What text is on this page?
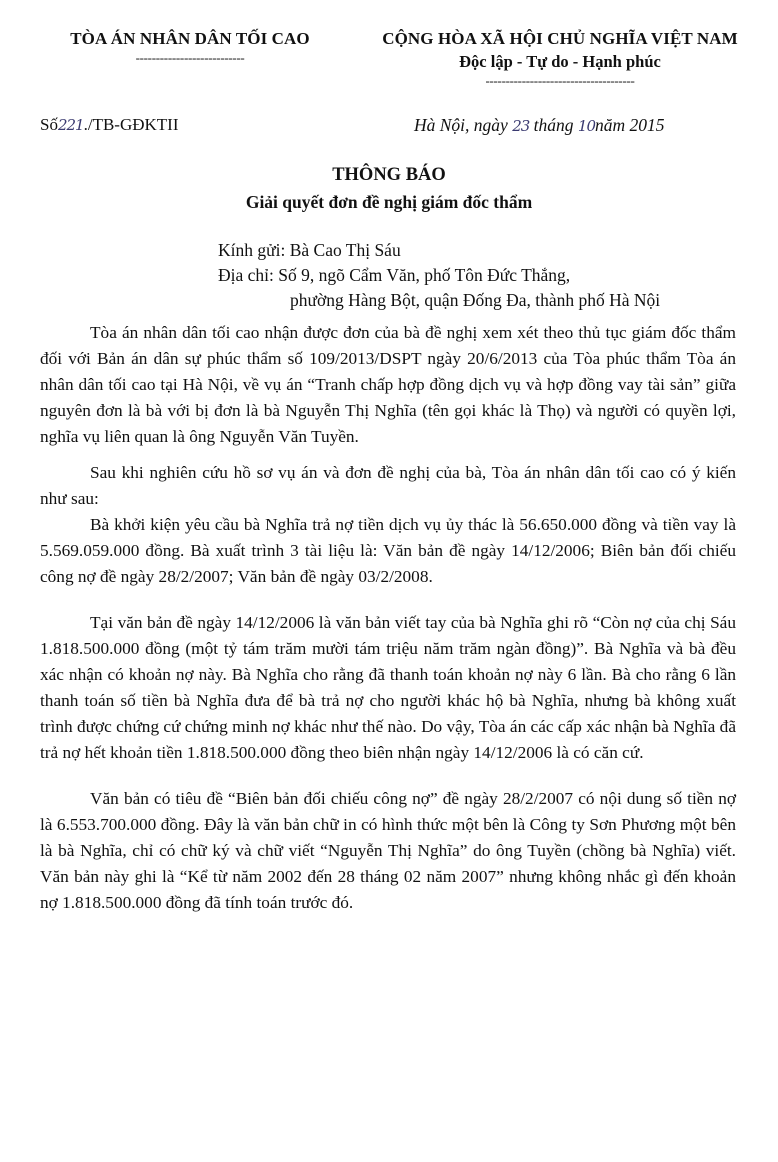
TÒA ÁN NHÂN DÂN TỐI CAO
---------------------------
CỘNG HÒA XÃ HỘI CHỦ NGHĨA VIỆT NAM
Độc lập - Tự do - Hạnh phúc
-------------------------------------
Số221./TB-GĐKTII	Hà Nội, ngày 23 tháng 10năm 2015
THÔNG BÁO
Giải quyết đơn đề nghị giám đốc thẩm
Kính gửi: Bà Cao Thị Sáu
Địa chỉ: Số 9, ngõ Cẩm Văn, phố Tôn Đức Thắng,
phường Hàng Bột, quận Đống Đa, thành phố Hà Nội

Tòa án nhân dân tối cao nhận được đơn của bà đề nghị xem xét theo thủ tục giám đốc thẩm đối với Bản án dân sự phúc thẩm số 109/2013/DSPT ngày 20/6/2013 của Tòa phúc thẩm Tòa án nhân dân tối cao tại Hà Nội, về vụ án “Tranh chấp hợp đồng dịch vụ và hợp đồng vay tài sản” giữa nguyên đơn là bà với bị đơn là bà Nguyễn Thị Nghĩa (tên gọi khác là Thọ) và người có quyền lợi, nghĩa vụ liên quan là ông Nguyễn Văn Tuyền.

Sau khi nghiên cứu hồ sơ vụ án và đơn đề nghị của bà, Tòa án nhân dân tối cao có ý kiến như sau:

Bà khởi kiện yêu cầu bà Nghĩa trả nợ tiền dịch vụ ủy thác là 56.650.000 đồng và tiền vay là 5.569.059.000 đồng. Bà xuất trình 3 tài liệu là: Văn bản đề ngày 14/12/2006; Biên bản đối chiếu công nợ đề ngày 28/2/2007; Văn bản đề ngày 03/2/2008.

Tại văn bản đề ngày 14/12/2006 là văn bản viết tay của bà Nghĩa ghi rõ “Còn nợ của chị Sáu 1.818.500.000 đồng (một tỷ tám trăm mười tám triệu năm trăm ngàn đồng)”. Bà Nghĩa và bà đều xác nhận có khoản nợ này. Bà Nghĩa cho rằng đã thanh toán khoản nợ này 6 lần. Bà cho rằng 6 lần thanh toán số tiền bà Nghĩa đưa để bà trả nợ cho người khác hộ bà Nghĩa, nhưng bà không xuất trình được chứng cứ chứng minh nợ khác như thế nào. Do vậy, Tòa án các cấp xác nhận bà Nghĩa đã trả nợ hết khoản tiền 1.818.500.000 đồng theo biên nhận ngày 14/12/2006 là có căn cứ.

Văn bản có tiêu đề “Biên bản đối chiếu công nợ” đề ngày 28/2/2007 có nội dung số tiền nợ là 6.553.700.000 đồng. Đây là văn bản chữ in có hình thức một bên là Công ty Sơn Phương một bên là bà Nghĩa, chỉ có chữ ký và chữ viết “Nguyễn Thị Nghĩa” do ông Tuyền (chồng bà Nghĩa) viết. Văn bản này ghi là “Kể từ năm 2002 đến 28 tháng 02 năm 2007” nhưng không nhắc gì đến khoản nợ 1.818.500.000 đồng đã tính toán trước đó.
